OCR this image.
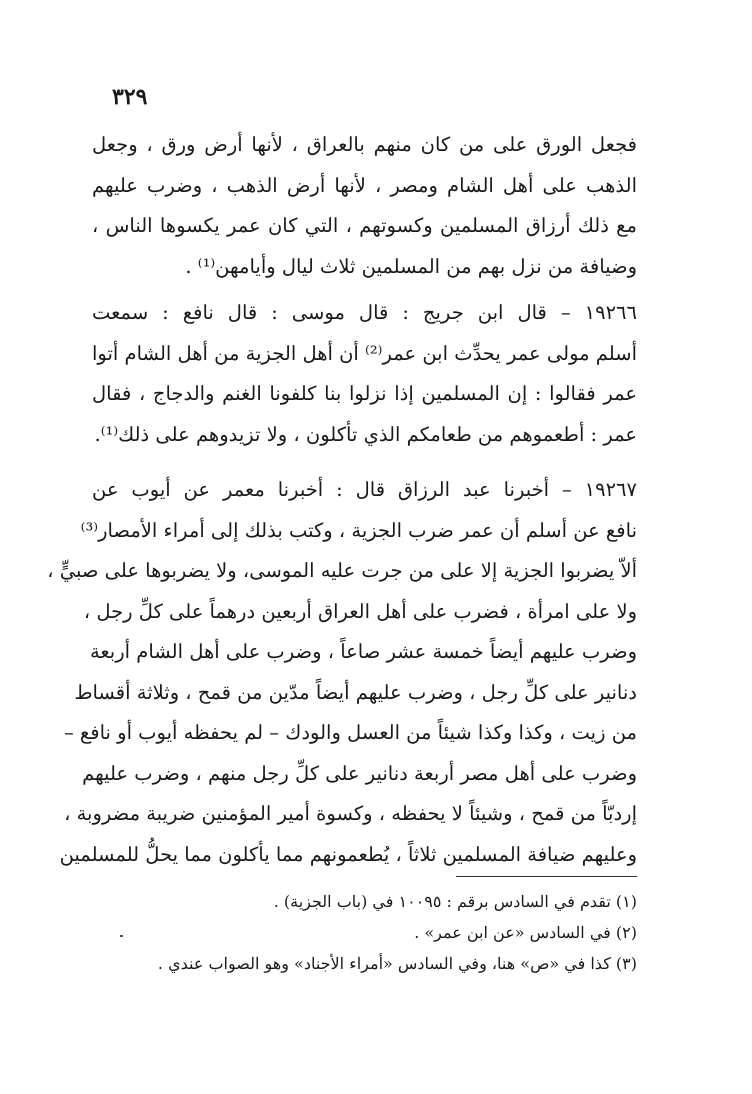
٣٢٩
فجعل الورق على من كان منهم بالعراق ، لأنها أرض ورق ، وجعل
الذهب على أهل الشام ومصر ، لأنها أرض الذهب ، وضرب عليهم
مع ذلك أرزاق المسلمين وكسوتهم ، التي كان عمر يكسوها الناس ،
وضيافة من نزل بهم من المسلمين ثلاث ليال وأيامهن⁽¹⁾ .
١٩٢٦٦ – قال ابن جريج : قال موسى : قال نافع : سمعت
أسلم مولى عمر يحدِّث ابن عمر⁽²⁾ أن أهل الجزية من أهل الشام أتوا
عمر فقالوا : إن المسلمين إذا نزلوا بنا كلفونا الغنم والدجاج ، فقال
عمر : أطعموهم من طعامكم الذي تأكلون ، ولا تزيدوهم على ذلك⁽¹⁾.
١٩٢٦٧ – أخبرنا عبد الرزاق قال : أخبرنا معمر عن أيوب عن
نافع عن أسلم أن عمر ضرب الجزية ، وكتب بذلك إلى أمراء الأمصار⁽³⁾
ألاّ يضربوا الجزية إلا على من جرت عليه الموسى، ولا يضربوها على صبيٍّ ،
ولا على امرأة ، فضرب على أهل العراق أربعين درهماً على كلِّ رجل ،
وضرب عليهم أيضاً خمسة عشر صاعاً ، وضرب على أهل الشام أربعة
دنانير على كلِّ رجل ، وضرب عليهم أيضاً مدّين من قمح ، وثلاثة أقساط
من زيت ، وكذا وكذا شيئاً من العسل والودك – لم يحفظه أيوب أو نافع –
وضرب على أهل مصر أربعة دنانير على كلِّ رجل منهم ، وضرب عليهم
إردبّاً من قمح ، وشيئاً لا يحفظه ، وكسوة أمير المؤمنين ضريبة مضروبة ،
وعليهم ضيافة المسلمين ثلاثاً ، يُطعمونهم مما يأكلون مما يحلُّ للمسلمين
(١) تقدم في السادس برقم : ١٠٠٩٥ في (باب الجزية) .
(٢) في السادس «عن ابن عمر» .
(٣) كذا في «ص» هنا، وفي السادس «أمراء الأجناد» وهو الصواب عندي .
